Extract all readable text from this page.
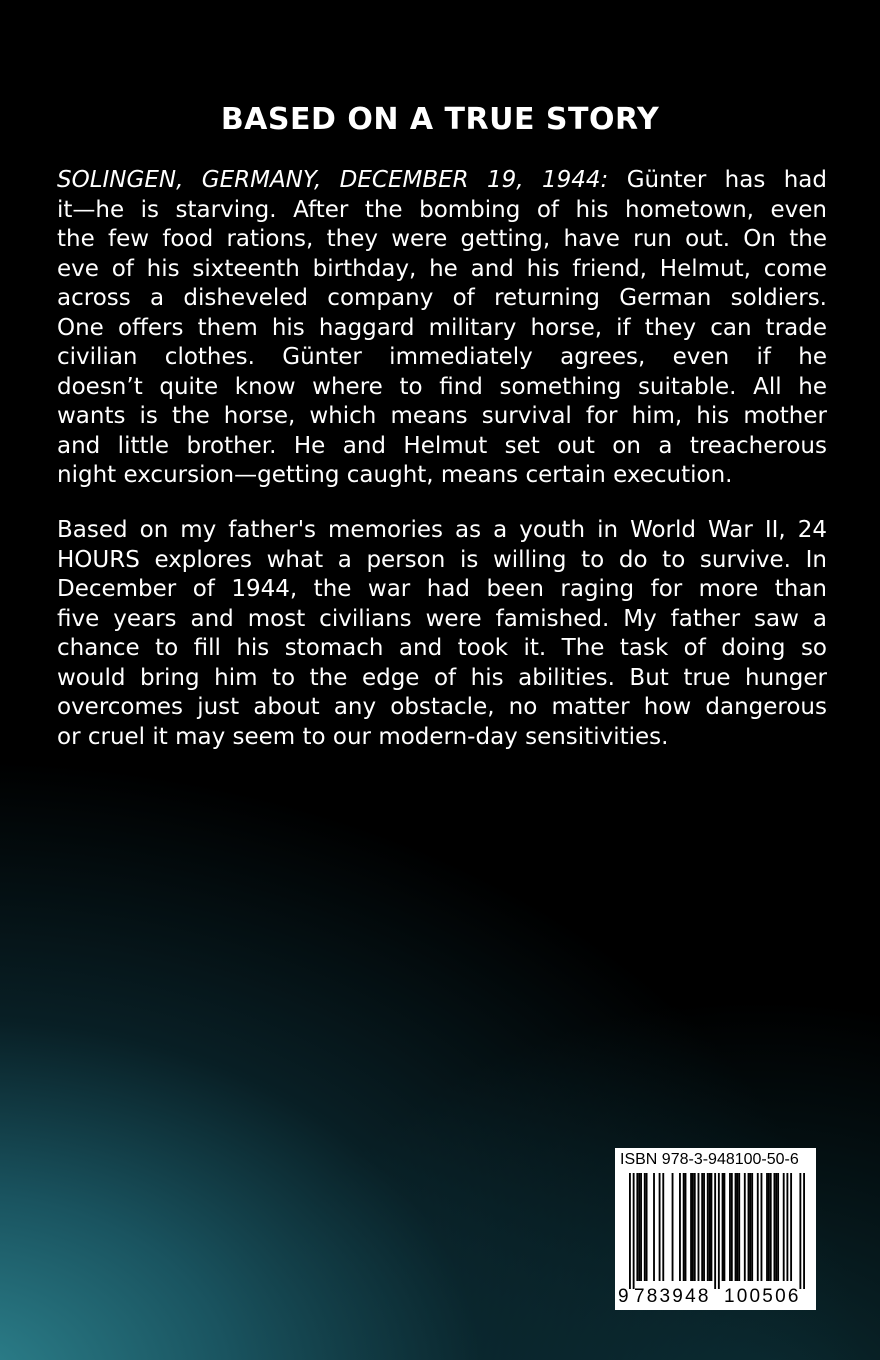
BASED ON A TRUE STORY
SOLINGEN, GERMANY, DECEMBER 19, 1944: Günter has had
it—he is starving. After the bombing of his hometown, even
the few food rations, they were getting, have run out. On the
eve of his sixteenth birthday, he and his friend, Helmut, come
across a disheveled company of returning German soldiers.
One offers them his haggard military horse, if they can trade
civilian clothes. Günter immediately agrees, even if he
doesn’t quite know where to find something suitable. All he
wants is the horse, which means survival for him, his mother
and little brother. He and Helmut set out on a treacherous
night excursion—getting caught, means certain execution.
Based on my father's memories as a youth in World War II, 24
HOURS explores what a person is willing to do to survive. In
December of 1944, the war had been raging for more than
five years and most civilians were famished. My father saw a
chance to fill his stomach and took it. The task of doing so
would bring him to the edge of his abilities. But true hunger
overcomes just about any obstacle, no matter how dangerous
or cruel it may seem to our modern-day sensitivities.
ISBN 978-3-948100-50-6
9 783948 100506
